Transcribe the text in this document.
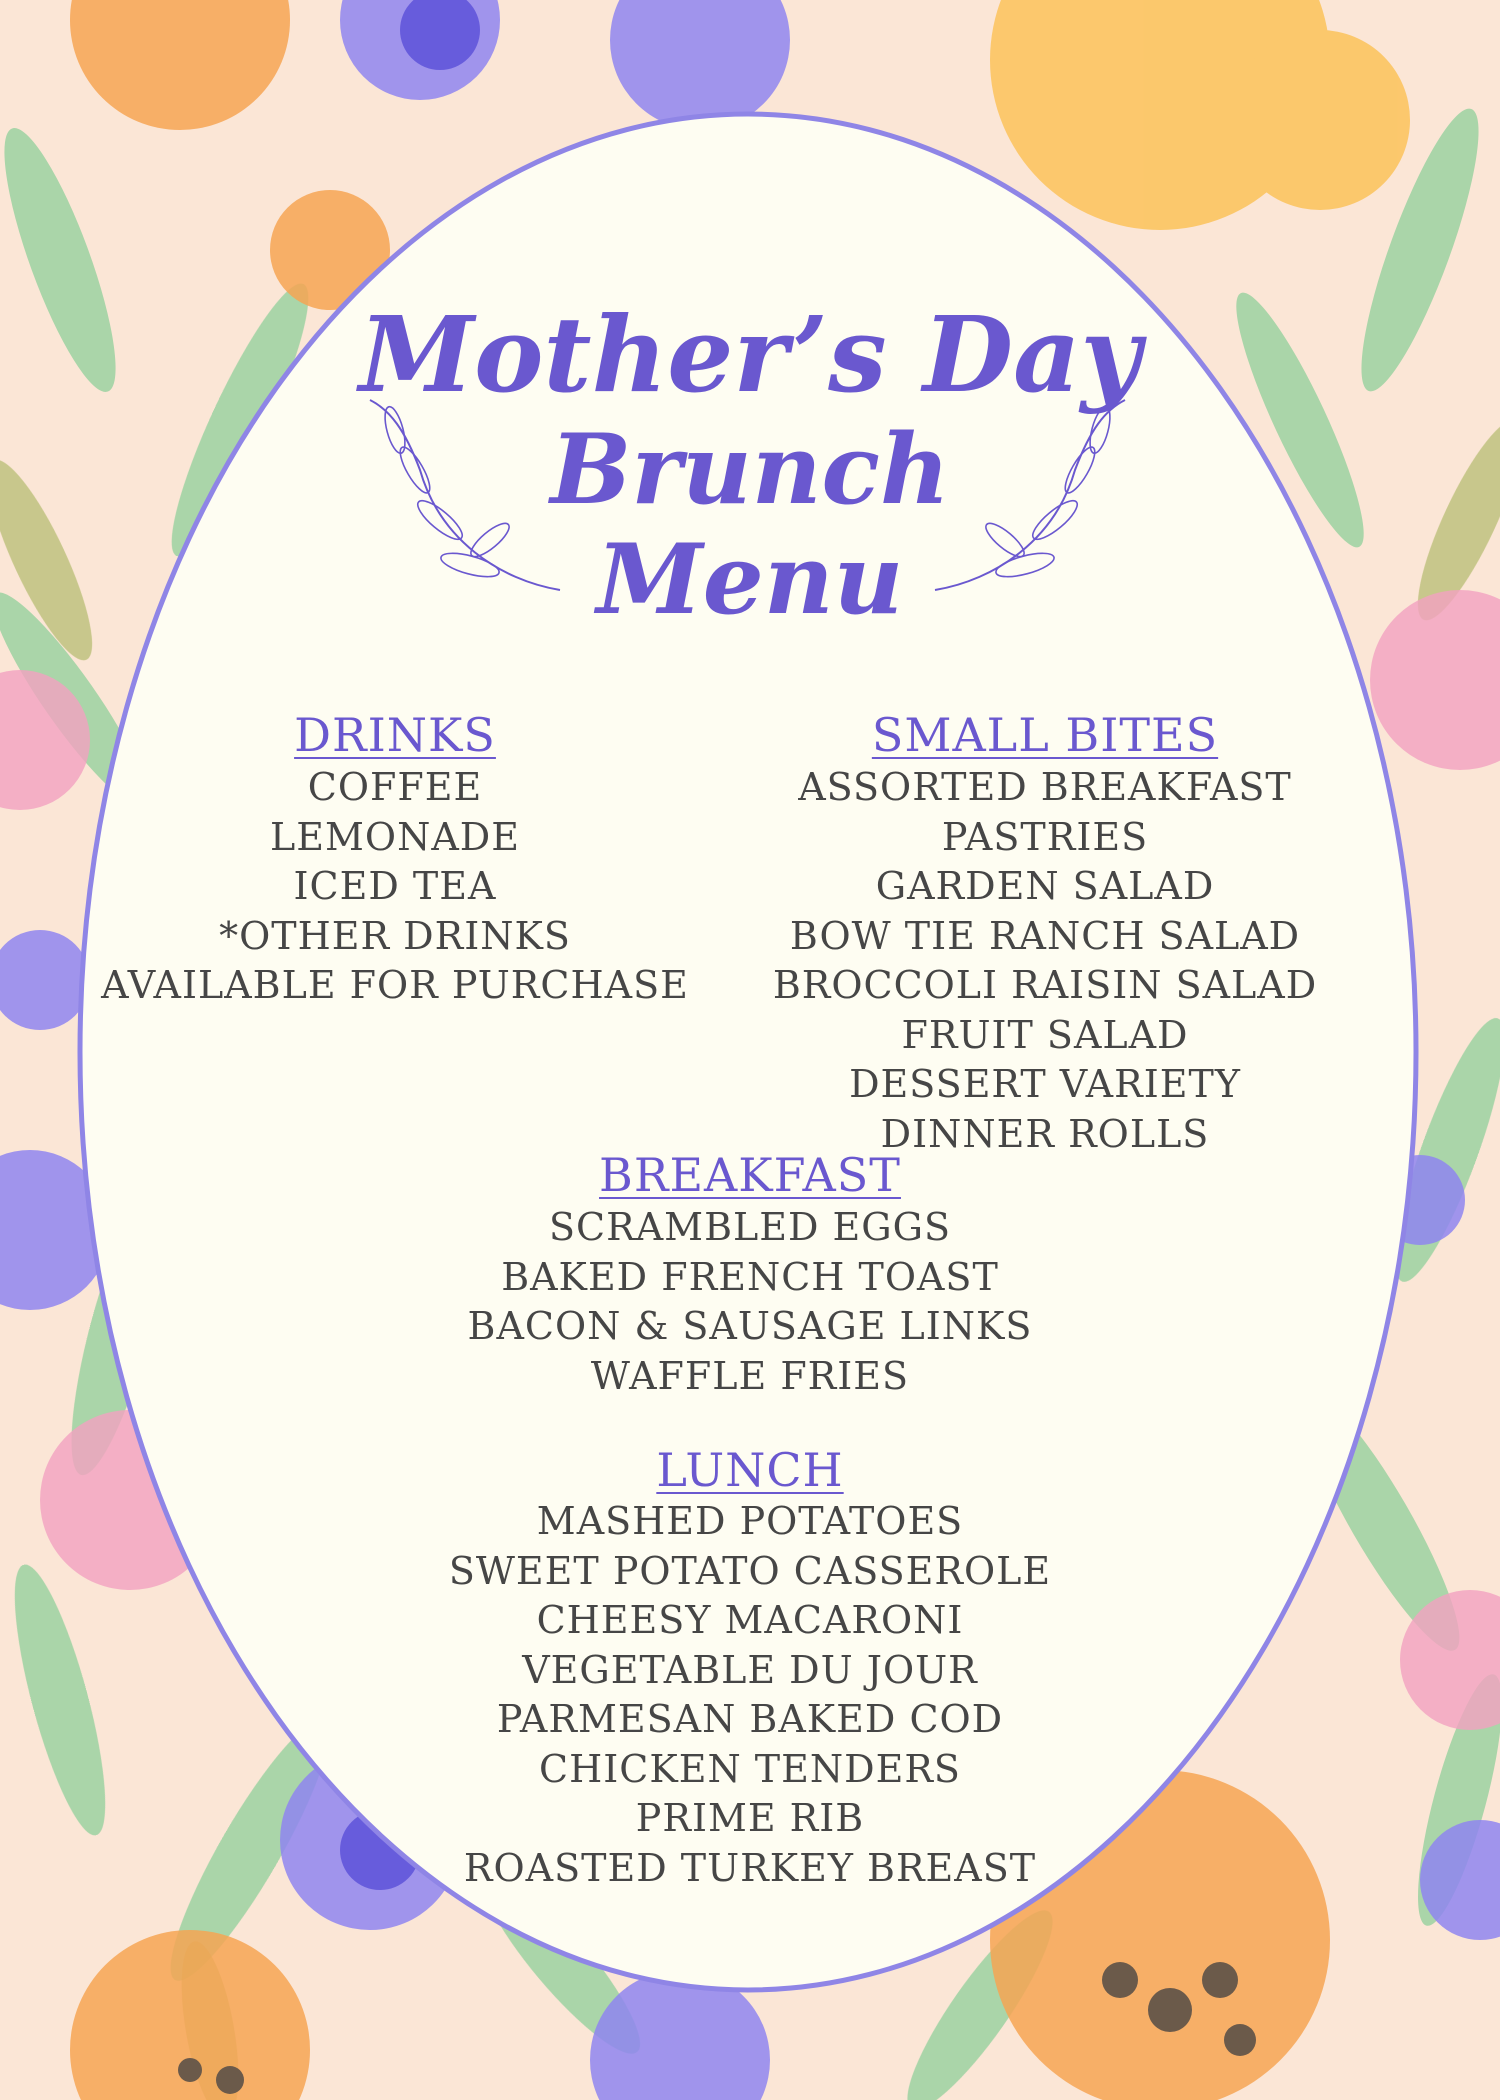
Mother’s Day
Brunch
Menu
DRINKS
COFFEE
LEMONADE
ICED TEA
*OTHER DRINKS
AVAILABLE FOR PURCHASE
SMALL BITES
ASSORTED BREAKFAST PASTRIES
GARDEN SALAD
BOW TIE RANCH SALAD
BROCCOLI RAISIN SALAD
FRUIT SALAD
DESSERT VARIETY
DINNER ROLLS
BREAKFAST
SCRAMBLED EGGS
BAKED FRENCH TOAST
BACON & SAUSAGE LINKS
WAFFLE FRIES
LUNCH
MASHED POTATOES
SWEET POTATO CASSEROLE
CHEESY MACARONI
VEGETABLE DU JOUR
PARMESAN BAKED COD
CHICKEN TENDERS
PRIME RIB
ROASTED TURKEY BREAST
